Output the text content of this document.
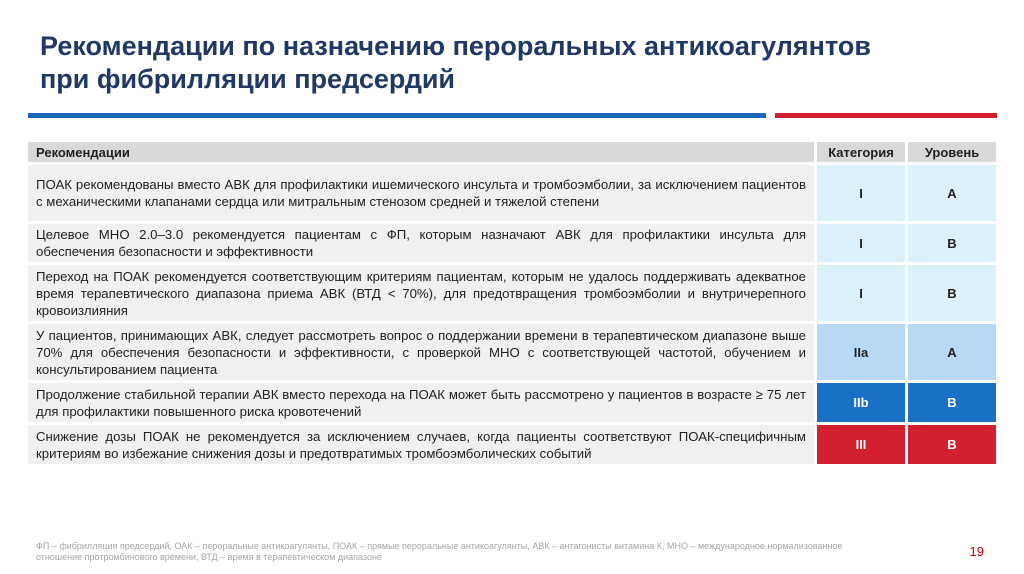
Рекомендации по назначению пероральных антикоагулянтов
при фибрилляции предсердий
Рекомендации	Категория	Уровень
ПОАК рекомендованы вместо АВК для профилактики ишемического инсульта и тромбоэмболии, за исключением пациентов с механическими клапанами сердца или митральным стенозом средней и тяжелой степени	I	A
Целевое МНО 2.0–3.0 рекомендуется пациентам с ФП, которым назначают АВК для профилактики инсульта для обеспечения безопасности и эффективности	I	B
Переход на ПОАК рекомендуется соответствующим критериям пациентам, которым не удалось поддерживать адекватное время терапевтического диапазона приема АВК (ВТД < 70%), для предотвращения тромбоэмболии и внутричерепного кровоизлияния	I	B
У пациентов, принимающих АВК, следует рассмотреть вопрос о поддержании времени в терапевтическом диапазоне выше 70% для обеспечения безопасности и эффективности, с проверкой МНО с соответствующей частотой, обучением и консультированием пациента	IIa	A
Продолжение стабильной терапии АВК вместо перехода на ПОАК может быть рассмотрено у пациентов в возрасте ≥ 75 лет для профилактики повышенного риска кровотечений	IIb	B
Снижение дозы ПОАК не рекомендуется за исключением случаев, когда пациенты соответствуют ПОАК-специфичным критериям во избежание снижения дозы и предотвратимых тромбоэмболических событий	III	B
ФП – фибрилляция предсердий, ОАК – пероральные антикоагулянты, ПОАК – прямые пероральные антикоагулянты, АВК – антагонисты витамина К, МНО – международное нормализованное
отношение протромбинового времени, ВТД – время в терапевтическом диапазоне	19
